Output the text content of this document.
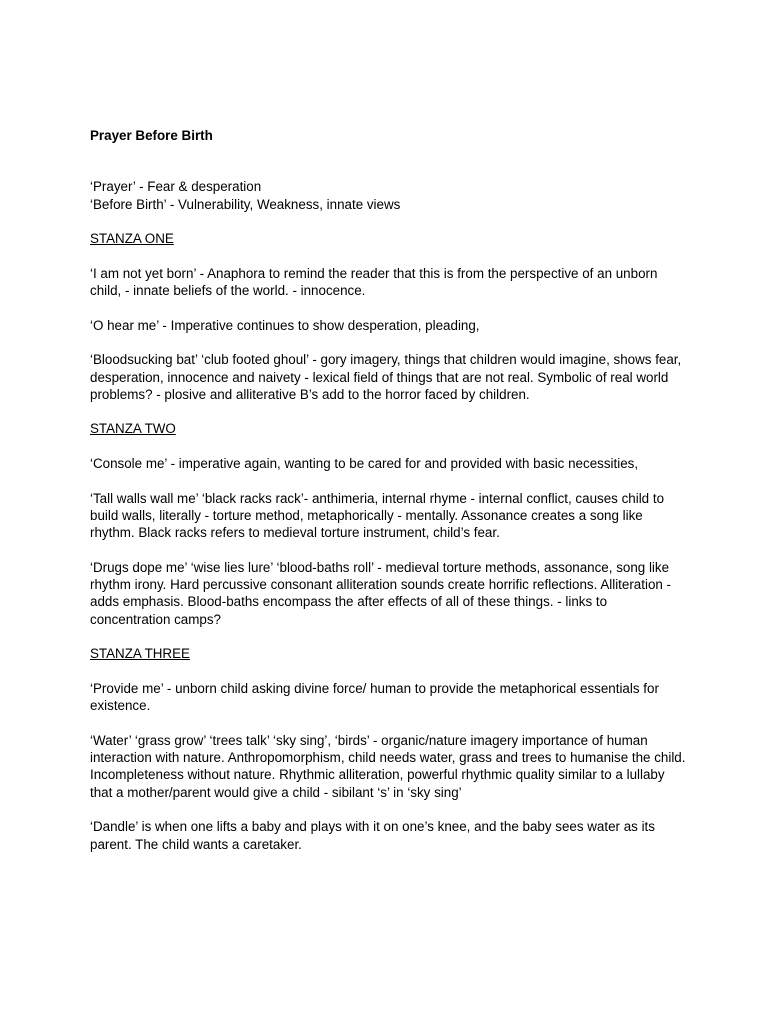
Prayer Before Birth

‘Prayer’ - Fear & desperation

‘Before Birth’ - Vulnerability, Weakness, innate views

STANZA ONE

‘I am not yet born’ - Anaphora to remind the reader that this is from the perspective of an unborn child, - innate beliefs of the world. - innocence.

‘O hear me’ - Imperative continues to show desperation, pleading,

‘Bloodsucking bat’ ‘club footed ghoul’ - gory imagery, things that children would imagine, shows fear, desperation, innocence and naivety - lexical field of things that are not real. Symbolic of real world problems? - plosive and alliterative B’s add to the horror faced by children.

STANZA TWO

‘Console me’ - imperative again, wanting to be cared for and provided with basic necessities,

‘Tall walls wall me’ ‘black racks rack’- anthimeria, internal rhyme - internal conflict, causes child to build walls, literally - torture method, metaphorically - mentally. Assonance creates a song like rhythm. Black racks refers to medieval torture instrument, child’s fear.

‘Drugs dope me’ ‘wise lies lure’ ‘blood-baths roll’ - medieval torture methods, assonance, song like rhythm irony. Hard percussive consonant alliteration sounds create horrific reflections. Alliteration - adds emphasis. Blood-baths encompass the after effects of all of these things. - links to concentration camps?

STANZA THREE

‘Provide me’ - unborn child asking divine force/ human to provide the metaphorical essentials for existence.

‘Water’ ‘grass grow’ ‘trees talk’ ‘sky sing’, ‘birds’ - organic/nature imagery importance of human interaction with nature. Anthropomorphism, child needs water, grass and trees to humanise the child. Incompleteness without nature. Rhythmic alliteration, powerful rhythmic quality similar to a lullaby that a mother/parent would give a child - sibilant ‘s’ in ‘sky sing’

‘Dandle’ is when one lifts a baby and plays with it on one’s knee, and the baby sees water as its parent. The child wants a caretaker.
